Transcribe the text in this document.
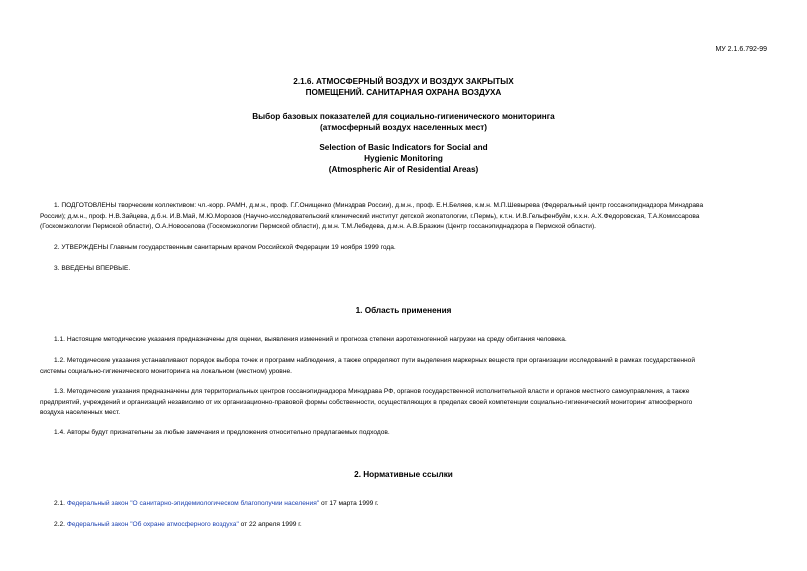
МУ 2.1.6.792-99
2.1.6. АТМОСФЕРНЫЙ ВОЗДУХ И ВОЗДУХ ЗАКРЫТЫХ
ПОМЕЩЕНИЙ. САНИТАРНАЯ ОХРАНА ВОЗДУХА
Выбор базовых показателей для социально-гигиенического мониторинга
(атмосферный воздух населенных мест)
Selection of Basic Indicators for Social and
Hygienic Monitoring
(Atmospheric Air of Residential Areas)
1. ПОДГОТОВЛЕНЫ творческим коллективом: чл.-корр. РАМН, д.м.н., проф. Г.Г.Онищенко (Минздрав России), д.м.н., проф. Е.Н.Беляев, к.м.н. М.П.Шевырева (Федеральный центр госсанэпиднадзора Минздрава
России); д.м.н., проф. Н.В.Зайцева, д.б.н. И.В.Май, М.Ю.Морозов (Научно-исследовательский клинический институт детской экопатологии, г.Пермь), к.т.н. И.В.Гельфенбуйм, к.х.н. А.Х.Федоровская, Т.А.Комиссарова
(Госкомэкологии Пермской области), О.А.Новоселова (Госкомэкологии Пермской области), д.м.н. Т.М.Лебедева, д.м.н. А.В.Бразкин (Центр госсанэпиднадзора в Пермской области).
2. УТВЕРЖДЕНЫ Главным государственным санитарным врачом Российской Федерации 19 ноября 1999 года.
3. ВВЕДЕНЫ ВПЕРВЫЕ.
1. Область применения
1.1. Настоящие методические указания предназначены для оценки, выявления изменений и прогноза степени аэротехногенной нагрузки на среду обитания человека.
1.2. Методические указания устанавливают порядок выбора точек и программ наблюдения, а также определяют пути выделения маркерных веществ при организации исследований в рамках государственной
системы социально-гигиенического мониторинга на локальном (местном) уровне.
1.3. Методические указания предназначены для территориальных центров госсанэпиднадзора Минздрава РФ, органов государственной исполнительной власти и органов местного самоуправления, а также
предприятий, учреждений и организаций независимо от их организационно-правовой формы собственности, осуществляющих в пределах своей компетенции социально-гигиенический мониторинг атмосферного
воздуха населенных мест.
1.4. Авторы будут признательны за любые замечания и предложения относительно предлагаемых подходов.
2. Нормативные ссылки
2.1. Федеральный закон "О санитарно-эпидемиологическом благополучии населения" от 17 марта 1999 г.
2.2. Федеральный закон "Об охране атмосферного воздуха" от 22 апреля 1999 г.
